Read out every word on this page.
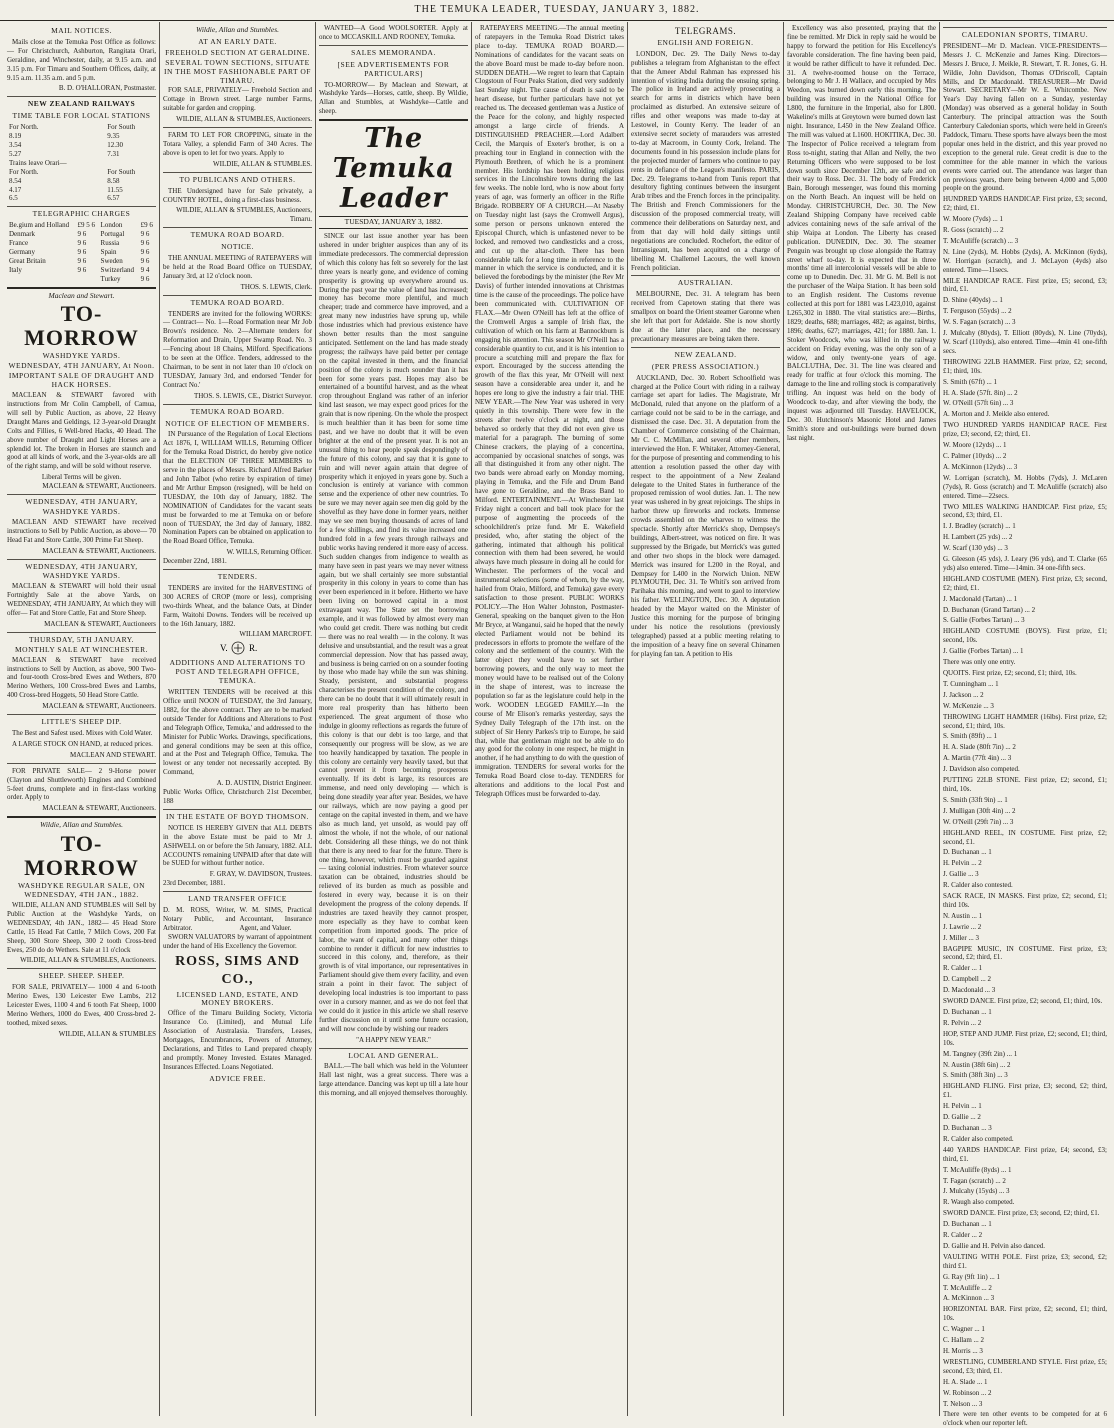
THE TEMUKA LEADER, TUESDAY, JANUARY 3, 1882.
MAIL NOTICES.

Mails close at the Temuka Post Office as follows:— For Christchurch, Ashburton, Rangitata Orari, Geraldine, and Winchester, daily, at 9.15 a.m. and 3.15 p.m. For Timaru and Southern Offices, daily, at 9.15 a.m. 11.35 a.m. and 5 p.m.

B. D. O'HALLORAN, Postmaster.
NEW ZEALAND RAILWAYS
TIME TABLE FOR LOCAL STATIONS
For North.	For South
8.19	9.35
3.54	12.30
5.27	7.31
Trains leave Orari—	
For North.	For South
8.54	8.58
4.17	11.55
6.5	6.57
TELEGRAPHIC CHARGES
Be.gium and Holland	£9 5 6	London	£9 6
Denmark	9 6	Portugal	9 6
France	9 6	Russia	9 6
Germany	9 6	Spain	9 6
Great Britain	9 6	Sweden	9 6
Italy	9 6	Switzerland	9 4
		Turkey	9 6
Maclean and Stewart.
TO-MORROW
WASHDYKE YARDS.
WEDNESDAY, 4TH JANUARY, At Noon.
IMPORTANT SALE OF DRAUGHT AND HACK HORSES.

MACLEAN & STEWART favored with instructions from Mr Colin Campbell, of Camua, will sell by Public Auction, as above, 22 Heavy Draught Mares and Geldings, 12 3-year-old Draught Colts and Fillies, 6 Well-bred Hacks, 40 Head. The above number of Draught and Light Horses are a splendid lot. The broken in Horses are staunch and good at all kinds of work, and the 3-year-olds are all of the right stamp, and will be sold without reserve.

Liberal Terms will be given.
MACLEAN & STEWART, Auctioneers.
WEDNESDAY, 4TH JANUARY,
WASHDYKE YARDS.

MACLEAN AND STEWART have received instructions to Sell by Public Auction, as above— 70 Head Fat and Store Cattle, 300 Prime Fat Sheep.

MACLEAN & STEWART, Auctioneers.
WEDNESDAY, 4TH JANUARY,
WASHDYKE YARDS.

MACLEAN & STEWART will hold their usual Fortnightly Sale at the above Yards, on WEDNESDAY, 4TH JANUARY, At which they will offer— Fat and Store Cattle, Fat and Store Sheep.

MACLEAN & STEWART, Auctioneers
THURSDAY, 5TH JANUARY.
MONTHLY SALE AT WINCHESTER.

MACLEAN & STEWART have received instructions to Sell by Auction, as above, 900 Two- and four-tooth Cross-bred Ewes and Wethers, 870 Merino Wethers, 100 Cross-bred Ewes and Lambs, 400 Cross-bred Hoggets, 50 Head Store Cattle.

MACLEAN & STEWART, Auctioneers.
LITTLE'S SHEEP DIP.

The Best and Safest used. Mixes with Cold Water.

A LARGE STOCK ON HAND, at reduced prices.

MACLEAN AND STEWART.

FOR PRIVATE SALE— 2 9-Horse power (Clayton and Shuttleworth) Engines and Combined 5-feet drums, complete and in first-class working order. Apply to

MACLEAN & STEWART, Auctioneers.
Wildie, Allan and Stumbles.
TO-MORROW
WASHDYKE REGULAR SALE, ON WEDNESDAY, 4TH JAN., 1882.

WILDIE, ALLAN AND STUMBLES will Sell by Public Auction at the Washdyke Yards, on WEDNESDAY, 4th JAN., 1882— 45 Head Store Cattle, 15 Head Fat Cattle, 7 Milch Cows, 200 Fat Sheep, 300 Store Sheep, 300 2 tooth Cross-bred Ewes, 250 do do Wethers. Sale at 11 o'clock

WILDIE, ALLAN & STUMBLES, Auctioneers.
SHEEP. SHEEP. SHEEP.

FOR SALE, PRIVATELY— 1000 4 and 6-tooth Merino Ewes, 130 Leicester Ewe Lambs, 212 Leicester Ewes, 1100 4 and 6 tooth Fat Sheep, 1000 Merino Wethers, 1000 do Ewes, 400 Cross-bred 2-toothed, mixed sexes.

WILDIE, ALLAN & STUMBLES
Wildie, Allan and Stumbles.
AT AN EARLY DATE.
FREEHOLD SECTION AT GERALDINE.
SEVERAL TOWN SECTIONS, SITUATE IN THE MOST FASHIONABLE PART OF TIMARU.

FOR SALE, PRIVATELY— Freehold Section and Cottage in Brown street. Large number Farms, suitable for garden and cropping.

WILDIE, ALLAN & STUMBLES, Auctioneers.

FARM TO LET FOR CROPPING, situate in the Totara Valley, a splendid Farm of 340 Acres. The above is open to let for two years. Apply to

WILDIE, ALLAN & STUMBLES.
TO PUBLICANS AND OTHERS.

THE Undersigned have for Sale privately, a COUNTRY HOTEL, doing a first-class business.

WILDIE, ALLAN & STUMBLES, Auctioneers, Timaru.
TEMUKA ROAD BOARD.
NOTICE.

THE ANNUAL MEETING of RATEPAYERS will be held at the Road Board Office on TUESDAY, January 3rd, at 12 o'clock noon.

THOS. S. LEWIS, Clerk.
TEMUKA ROAD BOARD.

TENDERS are invited for the following WORKS:— Contract— No. 1—Road Formation near Mr Job Brown's residence. No. 2—Alternate tenders for Reformation and Drain, Upper Swamp Road. No. 3—Fencing about 18 Chains, Milford. Specifications to be seen at the Office. Tenders, addressed to the Chairman, to be sent in not later than 10 o'clock on TUESDAY, January 3rd, and endorsed 'Tender for Contract No.'

THOS. S. LEWIS, CE., District Surveyor.
TEMUKA ROAD BOARD.
NOTICE OF ELECTION OF MEMBERS.

IN Pursuance of the Regulation of Local Elections Act 1876, I, WILLIAM WILLS, Returning Officer for the Temuka Road District, do hereby give notice that the ELECTION OF THREE MEMBERS to serve in the places of Messrs. Richard Alfred Barker and John Talbot (who retire by expiration of time) and Mr Arthur Empson (resigned), will be held on TUESDAY, the 10th day of January, 1882. The NOMINATION of Candidates for the vacant seats must be forwarded to me at Temuka on or before noon of TUESDAY, the 3rd day of January, 1882. Nomination Papers can be obtained on application to the Road Board Office, Temuka.

W. WILLS, Returning Officer.
December 22nd, 1881.
TENDERS.

TENDERS are invited for the HARVESTING of 300 ACRES of CROP (more or less), comprising two-thirds Wheat, and the balance Oats, at Dinder Farm, Waitohi Downs. Tenders will be received up to the 16th January, 1882.

WILLIAM MARCROFT.
V. R.
ADDITIONS AND ALTERATIONS TO POST AND TELEGRAPH OFFICE, TEMUKA.

WRITTEN TENDERS will be received at this Office until NOON of TUESDAY, the 3rd January, 1882, for the above contract. They are to be marked outside 'Tender for Additions and Alterations to Post and Telegraph Office, Temuka,' and addressed to the Minister for Public Works. Drawings, specifications, and general conditions may be seen at this office, and at the Post and Telegraph Office, Temuka. The lowest or any tender not necessarily accepted. By Command,

A. D. AUSTIN, District Engineer.
Public Works Office, Christchurch 21st December, 188
IN THE ESTATE OF BOYD THOMSON.

NOTICE IS HEREBY GIVEN that ALL DEBTS in the above Estate must be paid to Mr J. ASHWELL on or before the 5th January, 1882. ALL ACCOUNTS remaining UNPAID after that date will be SUED for without further notice.

F. GRAY, W. DAVIDSON, Trustees.
23rd December, 1881.
LAND TRANSFER OFFICE
D. M. ROSS, Writer, Notary Public, and Arbitrator.
W. M. SIMS, Practical Accountant, Insurance Agent, and Valuer.

SWORN VALUATORS by warrant of appointment under the hand of His Excellency the Governor.

ROSS, SIMS AND CO.,
LICENSED LAND, ESTATE, AND MONEY BROKERS.

Office of the Timaru Building Society, Victoria Insurance Co. (Limited), and Mutual Life Association of Australasia. Transfers, Leases, Mortgages, Encumbrances, Powers of Attorney, Declarations, and Titles to Land prepared cheaply and promptly. Money Invested. Estates Managed. Insurances Effected. Loans Negotiated.

ADVICE FREE.

WANTED—A Good WOOLSORTER. Apply at once to MCCASKILL AND ROONEY, Temuka.

SALES MEMORANDA.
[SEE ADVERTISEMENTS FOR PARTICULARS]

TO-MORROW— By Maclean and Stewart, at Washdyke Yards—Horses, cattle, sheep. By Wildie, Allan and Stumbles, at Washdyke—Cattle and sheep.

The Temuka Leader
TUESDAY, JANUARY 3, 1882.

SINCE our last issue another year has been ushered in under brighter auspices than any of its immediate predecessors. The commercial depression of which this colony has felt so severely for the last three years is nearly gone, and evidence of coming prosperity is growing up everywhere around us. During the past year the value of land has increased; money has become more plentiful, and much cheaper; trade and commerce have improved, and a great many new industries have sprung up, while those industries which had previous existence have shown better results than the most sanguine anticipated. Settlement on the land has made steady progress; the railways have paid better per centage on the capital invested in them, and the financial position of the colony is much sounder than it has been for some years past. Hopes may also be entertained of a bountiful harvest, and as the wheat crop throughout England was rather of an inferior kind last season, we may expect good prices for the grain that is now ripening. On the whole the prospect is much healthier than it has been for some time past, and we have no doubt that it will be even brighter at the end of the present year. It is not an unusual thing to hear people speak despondingly of the future of this colony, and say that it is gone to ruin and will never again attain that degree of prosperity which it enjoyed in years gone by. Such a conclusion is entirely at variance with common sense and the experience of other new countries. To be sure we may never again see men dig gold by the shovelful as they have done in former years, neither may we see men buying thousands of acres of land for a few shillings, and find its value increased one hundred fold in a few years through railways and public works having rendered it more easy of access. Such sudden changes from indigence to wealth as many have seen in past years we may never witness again, but we shall certainly see more substantial prosperity in this colony in years to come than has ever been experienced in it before. Hitherto we have been living on borrowed capital in a most extravagant way. The State set the borrowing example, and it was followed by almost every man who could get credit. There was nothing but credit — there was no real wealth — in the colony. It was delusive and unsubstantial, and the result was a great commercial depression. Now that has passed away, and business is being carried on on a sounder footing by those who made hay while the sun was shining. Steady, persistent, and substantial progress characterises the present condition of the colony, and there can be no doubt that it will ultimately result in more real prosperity than has hitherto been experienced. The great argument of those who indulge in gloomy reflections as regards the future of this colony is that our debt is too large, and that consequently our progress will be slow, as we are too heavily handicapped by taxation. The people in this colony are certainly very heavily taxed, but that cannot prevent it from becoming prosperous eventually. If its debt is large, its resources are immense, and need only developing — which is being done steadily year after year. Besides, we have our railways, which are now paying a good per centage on the capital invested in them, and we have also as much land, yet unsold, as would pay off almost the whole, if not the whole, of our national debt. Considering all these things, we do not think that there is any need to fear for the future. There is one thing, however, which must be guarded against — taxing colonial industries. From whatever source taxation can be obtained, industries should be relieved of its burden as much as possible and fostered in every way, because it is on their development the progress of the colony depends. If industries are taxed heavily they cannot prosper, more especially as they have to combat keen competition from imported goods. The price of labor, the want of capital, and many other things combine to render it difficult for new industries to succeed in this colony, and, therefore, as their growth is of vital importance, our representatives in Parliament should give them every facility, and even strain a point in their favor. The subject of developing local industries is too important to pass over in a cursory manner, and as we do not feel that we could do it justice in this article we shall reserve further discussion on it until some future occasion, and will now conclude by wishing our readers

"A HAPPY NEW YEAR."
LOCAL AND GENERAL.

BALL.—The ball which was held in the Volunteer Hall last night, was a great success. There was a large attendance. Dancing was kept up till a late hour this morning, and all enjoyed themselves thoroughly.

RATEPAYERS MEETING.—The annual meeting of ratepayers in the Temuka Road District takes place to-day. TEMUKA ROAD BOARD.—Nominations of candidates for the vacant seats on the above Board must be made to-day before noon. SUDDEN DEATH.—We regret to learn that Captain Clogstoun of Four Peaks Station, died very suddenly last Sunday night. The cause of death is said to be heart disease, but further particulars have not yet reached us. The deceased gentleman was a Justice of the Peace for the colony, and highly respected amongst a large circle of friends. A DISTINGUISHED PREACHER.—Lord Adalbert Cecil, the Marquis of Exeter's brother, is on a preaching tour in England in connection with the Plymouth Brethren, of which he is a prominent member. His lordship has been holding religious services in the Lincolnshire towns during the last few weeks. The noble lord, who is now about forty years of age, was formerly an officer in the Rifle Brigade. ROBBERY OF A CHURCH.—At Naseby on Tuesday night last (says the Cromwell Argus), some person or persons unknown entered the Episcopal Church, which is unfastened never to be locked, and removed two candlesticks and a cross, and cut up the altar-cloth. There has been considerable talk for a long time in reference to the manner in which the service is conducted, and it is believed the forebodings by the minister (the Rev Mr Davis) of further intended innovations at Christmas time is the cause of the proceedings. The police have been communicated with. CULTIVATION OF FLAX.—Mr Owen O'Neill has left at the office of the Cromwell Argus a sample of Irish flax, the cultivation of which on his farm at Bannockburn is engaging his attention. This season Mr O'Neill has a considerable quantity to cut, and it is his intention to procure a scutching mill and prepare the flax for export. Encouraged by the success attending the growth of the flax this year, Mr O'Neill will next season have a considerable area under it, and he hopes ere long to give the industry a fair trial. THE NEW YEAR.—The New Year was ushered in very quietly in this township. There were few in the streets after twelve o'clock at night, and those behaved so orderly that they did not even give us material for a paragraph. The burning of some Chinese crackers, the playing of a concertina, accompanied by occasional snatches of songs, was all that distinguished it from any other night. The two bands were abroad early on Monday morning, playing in Temuka, and the Fife and Drum Band have gone to Geraldine, and the Brass Band to Milford. ENTERTAINMENT.—At Winchester last Friday night a concert and ball took place for the purpose of augmenting the proceeds of the schoolchildren's prize fund. Mr E. Wakefield presided, who, after stating the object of the gathering, intimated that although his political connection with them had been severed, he would always have much pleasure in doing all he could for Winchester. The performers of the vocal and instrumental selections (some of whom, by the way, hailed from Otaio, Milford, and Temuka) gave every satisfaction to those present. PUBLIC WORKS POLICY.—The Hon Walter Johnston, Postmaster-General, speaking on the banquet given to the Hon Mr Bryce, at Wanganui, said he hoped that the newly elected Parliament would not be behind its predecessors in efforts to promote the welfare of the colony and the settlement of the country. With the latter object they would have to set further borrowing powers, and the only way to meet the money would have to be realised out of the Colony in the shape of interest, was to increase the population so far as the legislature could help in the work. WOODEN LEGGED FAMILY.—In the course of Mr Elison's remarks yesterday, says the Sydney Daily Telegraph of the 17th inst. on the subject of Sir Henry Parkes's trip to Europe, he said that, while that gentleman might not be able to do any good for the colony in one respect, he might in another, if he had anything to do with the question of immigration. TENDERS for several works for the Temuka Road Board close to-day. TENDERS for alterations and additions to the local Post and Telegraph Offices must be forwarded to-day.

TELEGRAMS.
ENGLISH AND FOREIGN.

LONDON, Dec. 29. The Daily News to-day publishes a telegram from Afghanistan to the effect that the Ameer Abdul Rahman has expressed his intention of visiting India during the ensuing spring. The police in Ireland are actively prosecuting a search for arms in districts which have been proclaimed as disturbed. An extensive seizure of rifles and other weapons was made to-day at Lestowel, in County Kerry. The leader of an extensive secret society of marauders was arrested to-day at Macroom, in County Cork, Ireland. The documents found in his possession include plans for the projected murder of farmers who continue to pay rents in defiance of the League's manifesto. PARIS, Dec. 29. Telegrams to-hand from Tunis report that desultory fighting continues between the insurgent Arab tribes and the French forces in the principality. The British and French Commissioners for the discussion of the proposed commercial treaty, will commence their deliberations on Saturday next, and from that day will hold daily sittings until negotiations are concluded. Rochefort, the editor of Intransigeant, has been acquitted on a charge of libelling M. Challemel Lacours, the well known French politician.

AUSTRALIAN.

MELBOURNE, Dec. 31. A telegram has been received from Capetown stating that there was smallpox on board the Orient steamer Garonne when she left that port for Adelaide. She is now shortly due at the latter place, and the necessary precautionary measures are being taken there.

NEW ZEALAND.
(PER PRESS ASSOCIATION.)

AUCKLAND, Dec. 30. Robert Schoolfield was charged at the Police Court with riding in a railway carriage set apart for ladies. The Magistrate, Mr McDonald, ruled that anyone on the platform of a carriage could not be said to be in the carriage, and dismissed the case. Dec. 31. A deputation from the Chamber of Commerce consisting of the Chairman, Mr C. C. McMillan, and several other members, interviewed the Hon. F. Whitaker, Attorney-General, for the purpose of presenting and commending to his attention a resolution passed the other day with respect to the appointment of a New Zealand delegate to the United States in furtherance of the proposed remission of wool duties. Jan. 1. The new year was ushered in by great rejoicings. The ships in harbor threw up fireworks and rockets. Immense crowds assembled on the wharves to witness the spectacle. Shortly after Merrick's shop, Dempsey's buildings, Albert-street, was noticed on fire. It was suppressed by the Brigade, but Merrick's was gutted and other two shops in the block were damaged. Merrick was insured for L200 in the Royal, and Dempsey for L400 in the Norwich Union. NEW PLYMOUTH, Dec. 31. Te Whiti's son arrived from Parihaka this morning, and went to gaol to interview his father. WELLINGTON, Dec. 30. A deputation headed by the Mayor waited on the Minister of Justice this morning for the purpose of bringing under his notice the resolutions (previously telegraphed) passed at a public meeting relating to the imposition of a heavy fine on several Chinamen for playing fan tan. A petition to His

Excellency was also presented, praying that the fine be remitted. Mr Dick in reply said he would be happy to forward the petition for His Excellency's favorable consideration. The fine having been paid, it would be rather difficult to have it refunded. Dec. 31. A twelve-roomed house on the Terrace, belonging to Mr J. H Wallace, and occupied by Mrs Weedon, was burned down early this morning. The building was insured in the National Office for L800, the furniture in the Imperial, also for L800. Wakeline's mills at Greytown were burned down last night. Insurance, L450 in the New Zealand Office. The mill was valued at L1600. HOKITIKA, Dec. 30. The Inspector of Police received a telegram from Ross to-night, stating that Allan and Nelly, the two Returning Officers who were supposed to be lost down south since December 12th, are safe and on their way to Ross. Dec. 31. The body of Frederick Bain, Borough messenger, was found this morning on the North Beach. An inquest will be held on Monday. CHRISTCHURCH, Dec. 30. The New Zealand Shipping Company have received cable advices containing news of the safe arrival of the ship Waipa at London. The Liberty has ceased publication. DUNEDIN, Dec. 30. The steamer Penguin was brought up close alongside the Rattray street wharf to-day. It is expected that in three months' time all intercolonial vessels will be able to come up to Dunedin. Dec. 31. Mr G. M. Bell is not the purchaser of the Waipa Station. It has been sold to an English resident. The Customs revenue collected at this port for 1881 was L423,010, against L265,302 in 1880. The vital statistics are:—Births, 1829; deaths, 688; marriages, 482; as against, births, 1896; deaths, 627; marriages, 421; for 1880. Jan. 1. Stoker Woodcock, who was killed in the railway accident on Friday evening, was the only son of a widow, and only twenty-one years of age. BALCLUTHA, Dec. 31. The line was cleared and ready for traffic at four o'clock this morning. The damage to the line and rolling stock is comparatively trifling. An inquest was held on the body of Woodcock to-day, and after viewing the body, the inquest was adjourned till Tuesday. HAVELOCK, Dec. 30. Hutchinson's Masonic Hotel and James Smith's store and out-buildings were burned down last night.

CALEDONIAN SPORTS, TIMARU.

PRESIDENT—Mr D. Maclean. VICE-PRESIDENTS—Messrs J. C. McKenzie and James King. Directors—Messrs J. Bruce, J. Meikle, R. Stewart, T. R. Jones, G. H. Wildie, John Davidson, Thomas O'Driscoll, Captain Mills, and Dr Macdonald. TREASURER—Mr David Stewart. SECRETARY—Mr W. E. Whitcombe. New Year's Day having fallen on a Sunday, yesterday (Monday) was observed as a general holiday in South Canterbury. The principal attraction was the South Canterbury Caledonian sports, which were held in Green's Paddock, Timaru. These sports have always been the most popular ones held in the district, and this year proved no exception to the general rule. Great credit is due to the committee for the able manner in which the various events were carried out. The attendance was larger than on previous years, there being between 4,000 and 5,000 people on the ground.

HUNDRED YARDS HANDICAP. First prize, £3; second, £2; third, £1.

W. Moore (7yds) ... 1

R. Goss (scratch) ... 2

T. McAuliffe (scratch) ... 3

N. Line (2yds), M. Hobbs (2yds), A. McKinnon (6yds), W. Horrigan (scratch), and J. McLayon (4yds) also entered. Time—11secs.

MILE HANDICAP RACE. First prize, £5; second, £3; third, £1.

D. Shine (40yds) ... 1

T. Ferguson (55yds) ... 2

W. S. Fagan (scratch) ... 3

J. Mulcahy (80yds), T. Elliott (80yds), N. Line (70yds), W. Scarf (110yds), also entered. Time—4min 41 one-fifth secs.

THROWING 22LB HAMMER. First prize, £2; second, £1; third, 10s.

S. Smith (67ft) ... 1

H. A. Slade (57ft. 8in) ... 2

W. O'Neill (57ft 6in) ... 3

A. Morton and J. Meikle also entered.

TWO HUNDRED YARDS HANDICAP RACE. First prize, £3; second, £2; third, £1.

W. Moore (12yds) ... 1

C. Palmer (10yds) ... 2

A. McKinnon (12yds) ... 3

W. Lorrigan (scratch), M. Hobbs (7yds), J. McLaren (7yds), R. Goss (scratch) and T. McAuliffe (scratch) also entered. Time—22secs.

TWO MILES WALKING HANDICAP. First prize, £5; second, £3; third, £1.

I. J. Bradley (scratch) ... 1

H. Lambert (25 yds) ... 2

W. Scarf (130 yds) ... 3

G. Gleeson (45 yds), J. Leary (96 yds), and T. Clarke (65 yds) also entered. Time—14min. 34 one-fifth secs.

HIGHLAND COSTUME (MEN). First prize, £3; second, £2; third, £1.

J. Macdonald (Tartan) ... 1

D. Buchanan (Grand Tartan) ... 2

S. Gallie (Forbes Tartan) ... 3

HIGHLAND COSTUME (BOYS). First prize, £1; second, 10s.

J. Gallie (Forbes Tartan) ... 1

There was only one entry.

QUOITS. First prize, £2; second, £1; third, 10s.

T. Cunningham ... 1

J. Jackson ... 2

W. McKenzie ... 3

THROWING LIGHT HAMMER (16lbs). First prize, £2; second, £1; third, 10s.

S. Smith (89ft) ... 1

H. A. Slade (80ft 7in) ... 2

A. Martin (77ft 4in) ... 3

J. Davidson also competed.

PUTTING 22LB STONE. First prize, £2; second, £1; third, 10s.

S. Smith (33ft 9in) ... 1

J. Mulligan (30ft 4in) ... 2

W. O'Neill (29ft 7in) ... 3

HIGHLAND REEL, IN COSTUME. First prize, £2; second, £1.

D. Buchanan ... 1

H. Pelvin ... 2

J. Gallie ... 3

R. Calder also contested.

SACK RACE, IN MASKS. First prize, £2; second, £1; third 10s.

N. Austin ... 1

J. Lawrie ... 2

J. Miller ... 3

BAGPIPE MUSIC, IN COSTUME. First prize, £3; second, £2; third, £1.

R. Calder ... 1

D. Campbell ... 2

D. Macdonald ... 3

SWORD DANCE. First prize, £2; second, £1; third, 10s.

D. Buchanan ... 1

R. Pelvin ... 2

HOP, STEP AND JUMP. First prize, £2; second, £1; third, 10s.

M. Tangney (39ft 2in) ... 1

N. Austin (38ft 6in) ... 2

S. Smith (38ft 3in) ... 3

HIGHLAND FLING. First prize, £3; second, £2; third, £1.

H. Pelvin ... 1

D. Gallie ... 2

D. Buchanan ... 3

R. Calder also competed.

440 YARDS HANDICAP. First prize, £4; second, £3; third, £1.

T. McAuliffe (8yds) ... 1

T. Fagan (scratch) ... 2

J. Mulcahy (15yds) ... 3

R. Waugh also competed.

SWORD DANCE. First prize, £3; second, £2; third, £1.

D. Buchanan ... 1

R. Calder ... 2

D. Gallie and H. Pelvin also danced.

VAULTING WITH POLE. First prize, £3; second, £2; third £1.

G. Ray (9ft 1in) ... 1

T. McAuliffe ... 2

A. McKinnon ... 3

HORIZONTAL BAR. First prize, £2; second, £1; third, 10s.

C. Wagner ... 1

C. Hallam ... 2

H. Morris ... 3

WRESTLING, CUMBERLAND STYLE. First prize, £5; second, £3; third, £1.

H. A. Slade ... 1

W. Robinson ... 2

T. Nelson ... 3

There were ten other events to be competed for at 6 o'clock when our reporter left.
